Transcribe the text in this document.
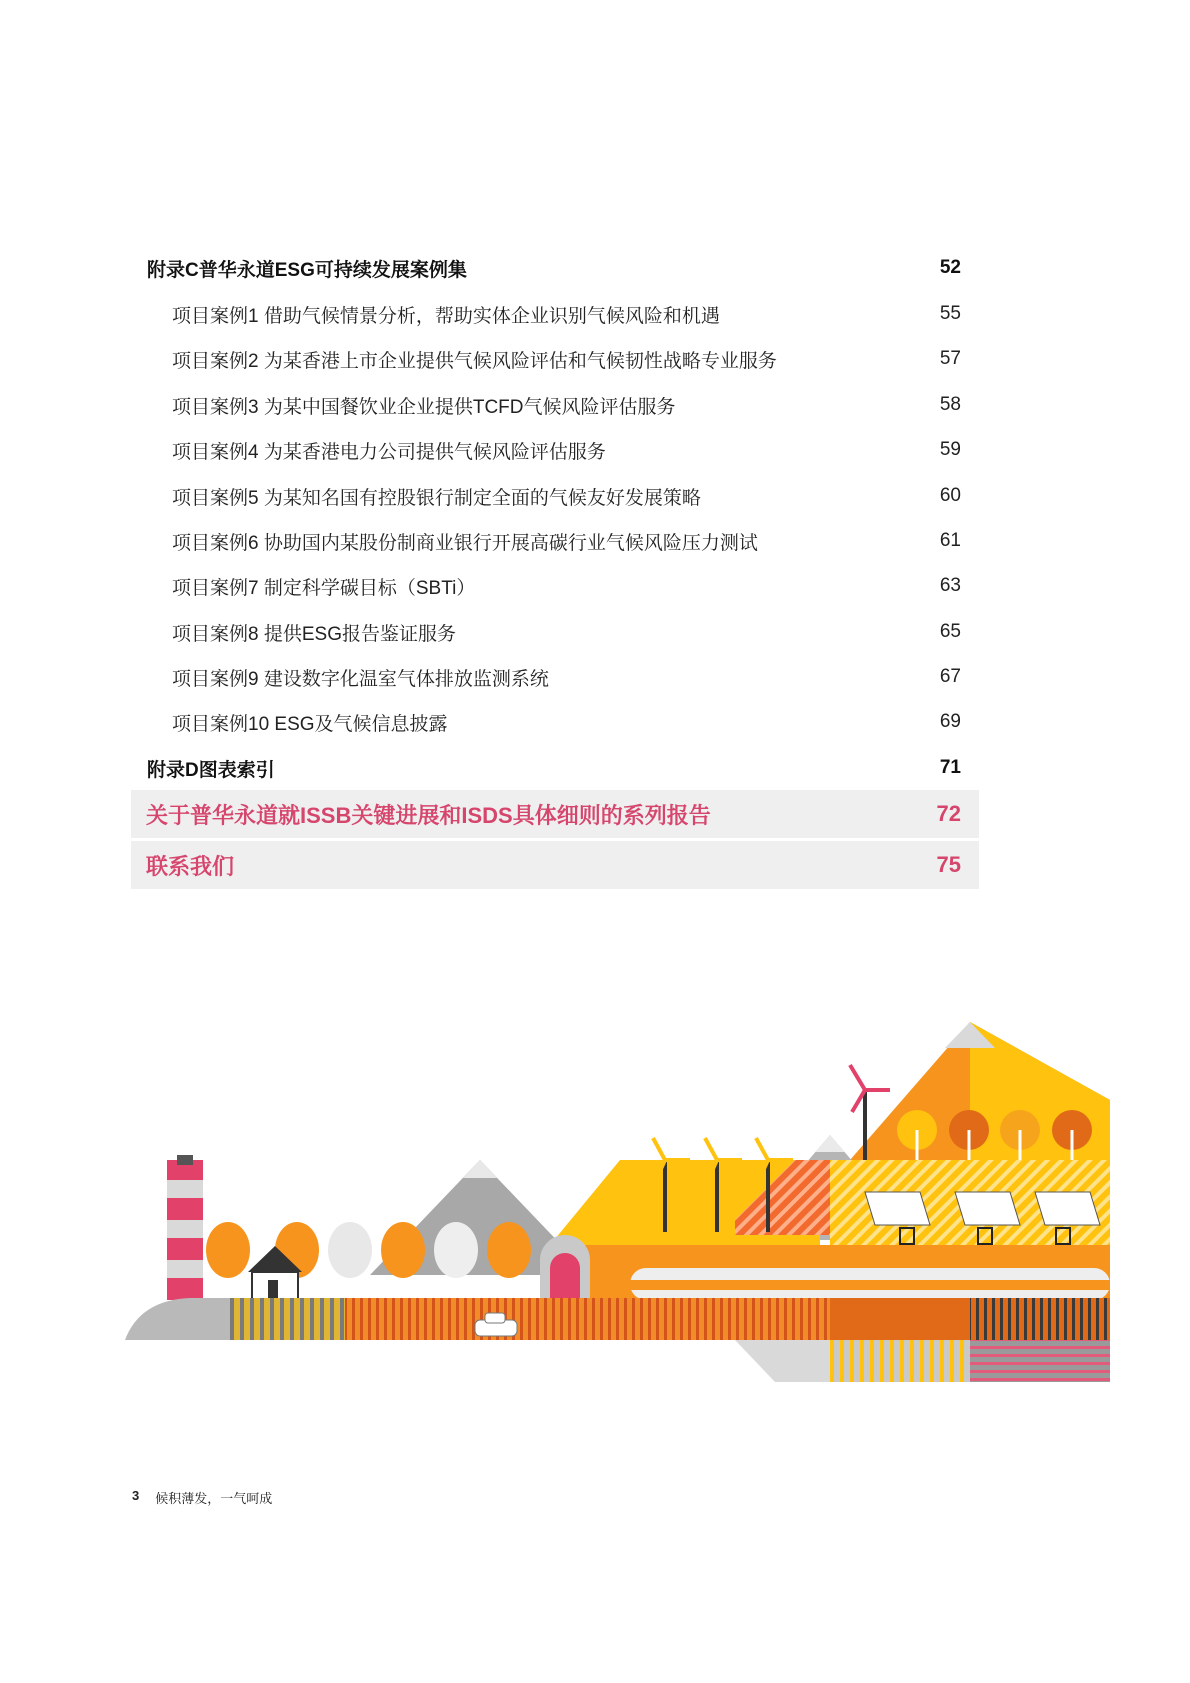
附录C普华永道ESG可持续发展案例集	52
项目案例1 借助气候情景分析，帮助实体企业识别气候风险和机遇	55
项目案例2 为某香港上市企业提供气候风险评估和气候韧性战略专业服务	57
项目案例3 为某中国餐饮业企业提供TCFD气候风险评估服务	58
项目案例4 为某香港电力公司提供气候风险评估服务	59
项目案例5 为某知名国有控股银行制定全面的气候友好发展策略	60
项目案例6 协助国内某股份制商业银行开展高碳行业气候风险压力测试	61
项目案例7 制定科学碳目标（SBTi）	63
项目案例8 提供ESG报告鉴证服务	65
项目案例9 建设数字化温室气体排放监测系统	67
项目案例10 ESG及气候信息披露	69
附录D图表索引	71
关于普华永道就ISSB关键进展和ISDS具体细则的系列报告	72
联系我们	75
3 候积薄发，一气呵成
